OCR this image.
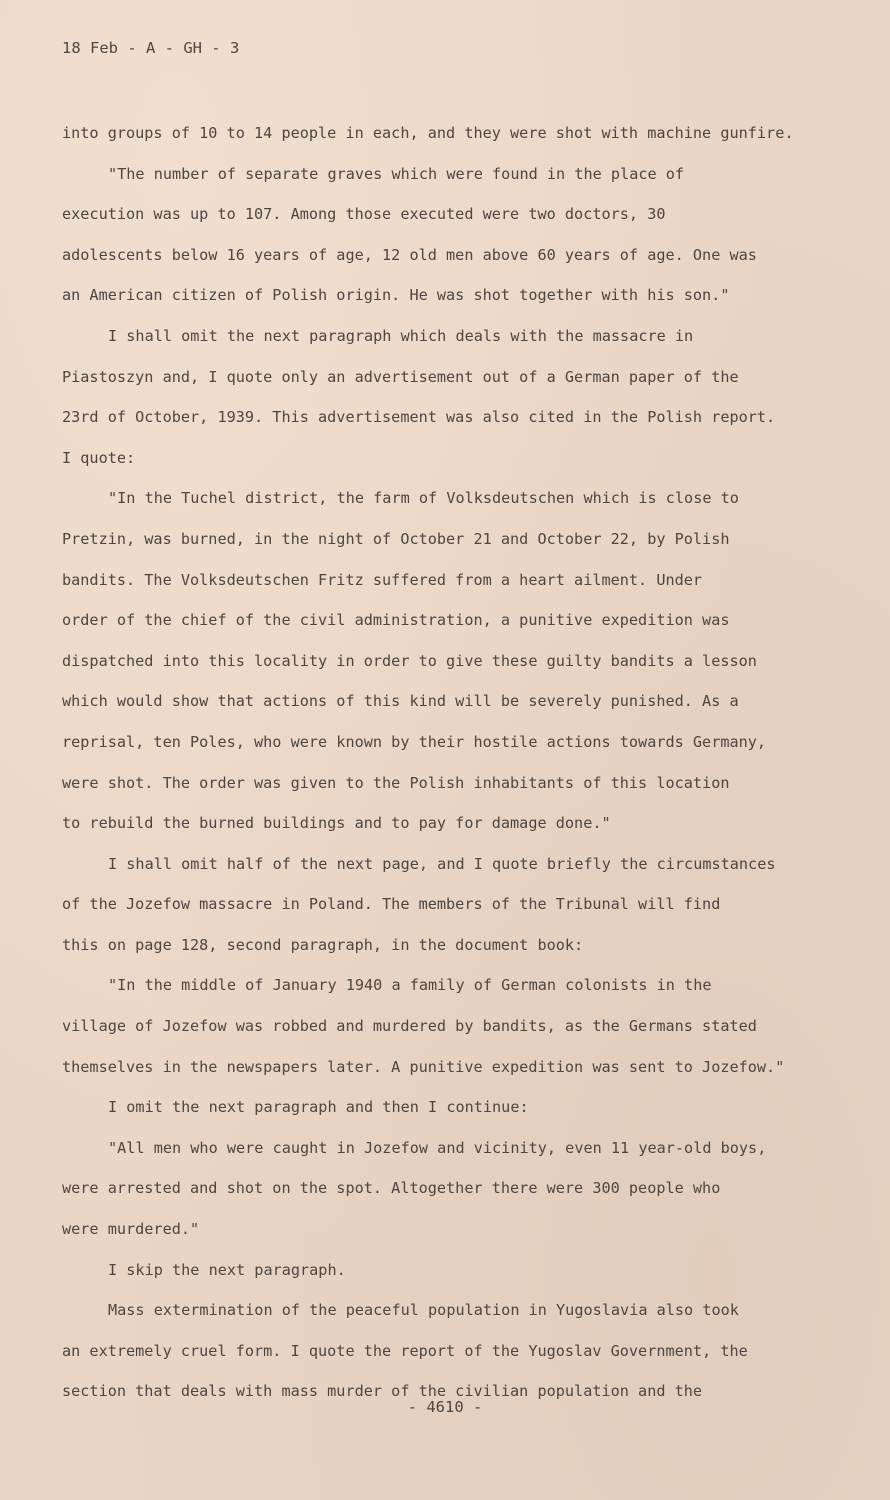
18 Feb - A - GH - 3
into groups of 10 to 14 people in each, and they were shot with machine gunfire.
"The number of separate graves which were found in the place of
execution was up to 107. Among those executed were two doctors, 30
adolescents below 16 years of age, 12 old men above 60 years of age. One was
an American citizen of Polish origin. He was shot together with his son."
I shall omit the next paragraph which deals with the massacre in
Piastoszyn and, I quote only an advertisement out of a German paper of the
23rd of October, 1939. This advertisement was also cited in the Polish report.
I quote:
"In the Tuchel district, the farm of Volksdeutschen which is close to
Pretzin, was burned, in the night of October 21 and October 22, by Polish
bandits. The Volksdeutschen Fritz suffered from a heart ailment. Under
order of the chief of the civil administration, a punitive expedition was
dispatched into this locality in order to give these guilty bandits a lesson
which would show that actions of this kind will be severely punished. As a
reprisal, ten Poles, who were known by their hostile actions towards Germany,
were shot. The order was given to the Polish inhabitants of this location
to rebuild the burned buildings and to pay for damage done."
I shall omit half of the next page, and I quote briefly the circumstances
of the Jozefow massacre in Poland. The members of the Tribunal will find
this on page 128, second paragraph, in the document book:
"In the middle of January 1940 a family of German colonists in the
village of Jozefow was robbed and murdered by bandits, as the Germans stated
themselves in the newspapers later. A punitive expedition was sent to Jozefow."
I omit the next paragraph and then I continue:
"All men who were caught in Jozefow and vicinity, even 11 year-old boys,
were arrested and shot on the spot. Altogether there were 300 people who
were murdered."
I skip the next paragraph.
Mass extermination of the peaceful population in Yugoslavia also took
an extremely cruel form. I quote the report of the Yugoslav Government, the
section that deals with mass murder of the civilian population and the
- 4610 -
